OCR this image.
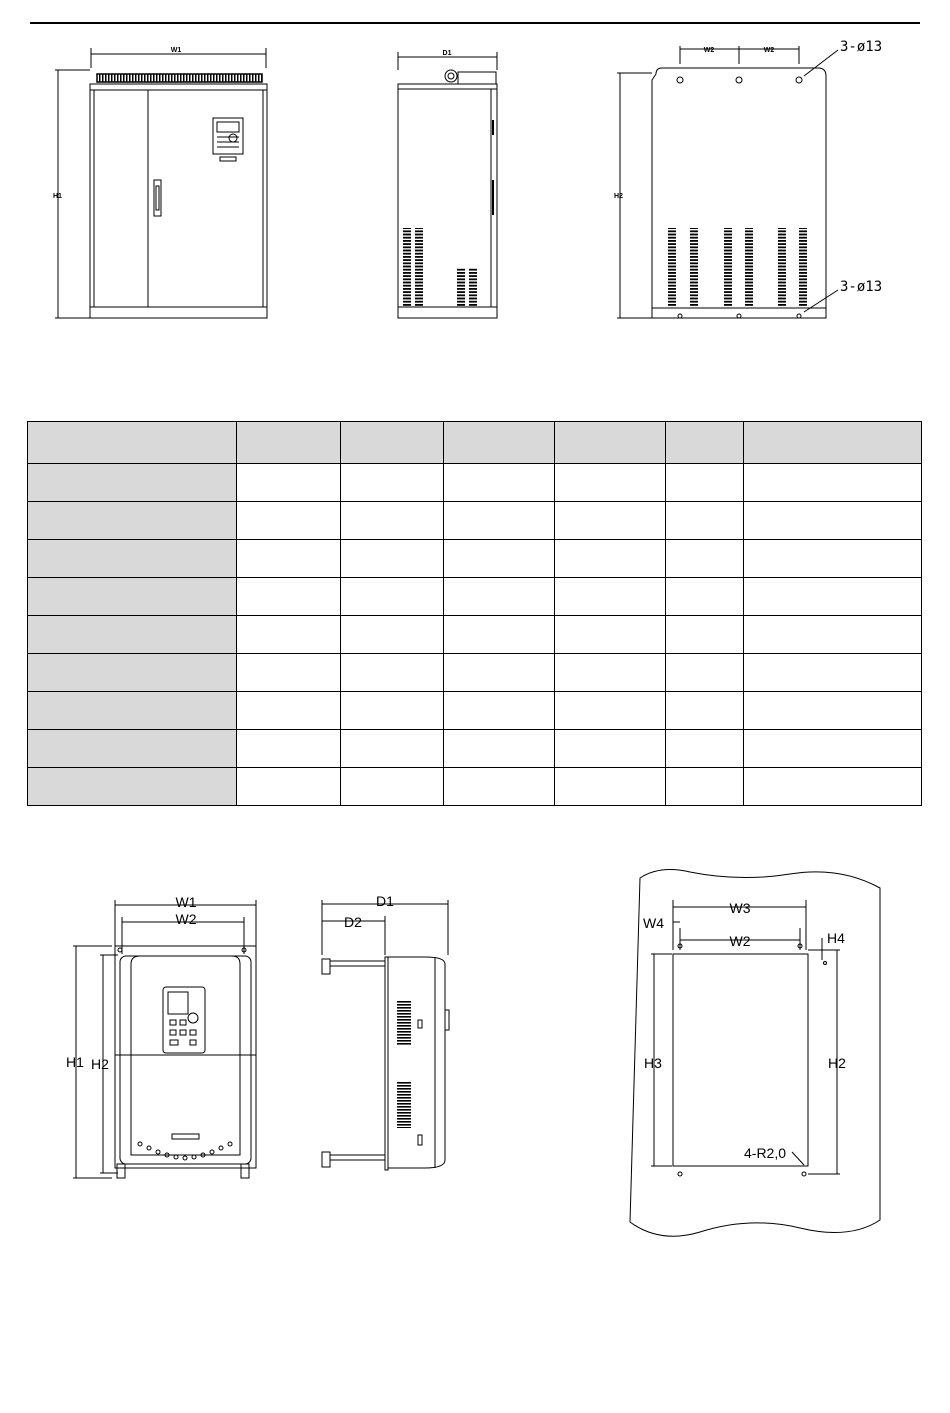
W1
H1
D1	W2	W2
H2
3-ø13
3-ø13

W1
W2
H1 H2
D1
D2
W3
W4
W2	H4
H3	H2
4-R2,0
